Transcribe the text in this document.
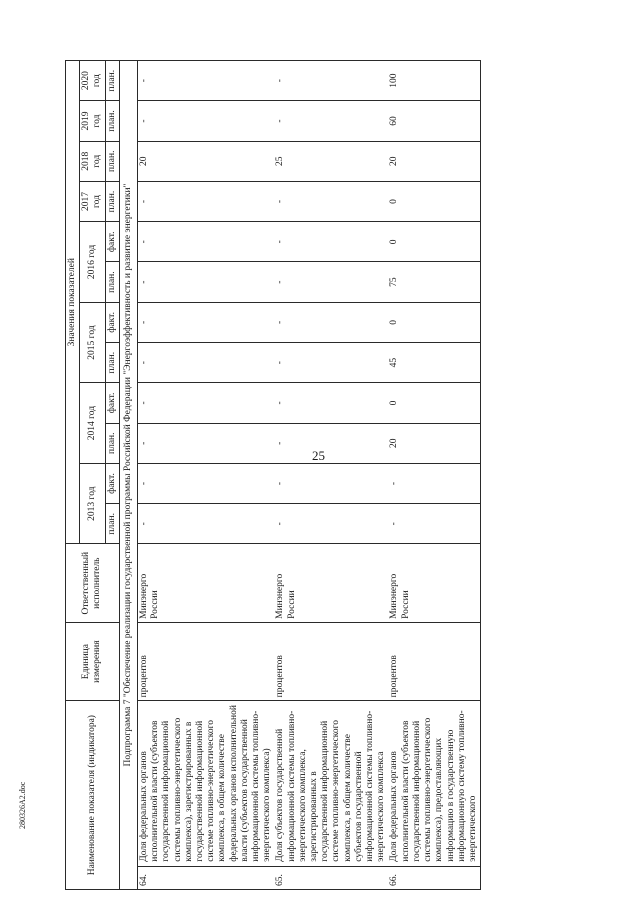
25
Наименование показателя (индикатора)		Единица измерения	Ответственный исполнитель	Значения показателей											
				2013 год		2014 год		2015 год		2016 год		2017 год	2018 год	2019 год	2020 год
				план.	факт.	план.	факт.	план.	факт.	план.	факт.	план.	план.	план.	план.
Подпрограмма 7 "Обеспечение реализации государственной программы Российской Федерации "Энергоэффективность и развитие энергетики"															
64.	Доля федеральных органов исполнительной власти (субъектов государственной информационной системы топливно-энергетического комплекса), зарегистрированных в государственной информационной системе топливно-энергетического комплекса, в общем количестве федеральных органов исполнительной власти (субъектов государственной информационной системы топливно-энергетического комплекса)	процентов	Минэнерго России	-	-	-	-	-	-	-	-	-	20	-	-
65.	Доля субъектов государственной информационной системы топливно-энергетического комплекса, зарегистрированных в государственной информационной системе топливно-энергетического комплекса, в общем количестве субъектов государственной информационной системы топливно-энергетического комплекса	процентов	Минэнерго России	-	-	-	-	-	-	-	-	-	25	-	-
66.	Доля федеральных органов исполнительной власти (субъектов государственной информационной системы топливно-энергетического комплекса), предоставляющих информацию в государственную информационную систему топливно-энергетического	процентов	Минэнерго России	-	-	20	0	45	0	75	0	0	20	60	100
280326A2.doc
